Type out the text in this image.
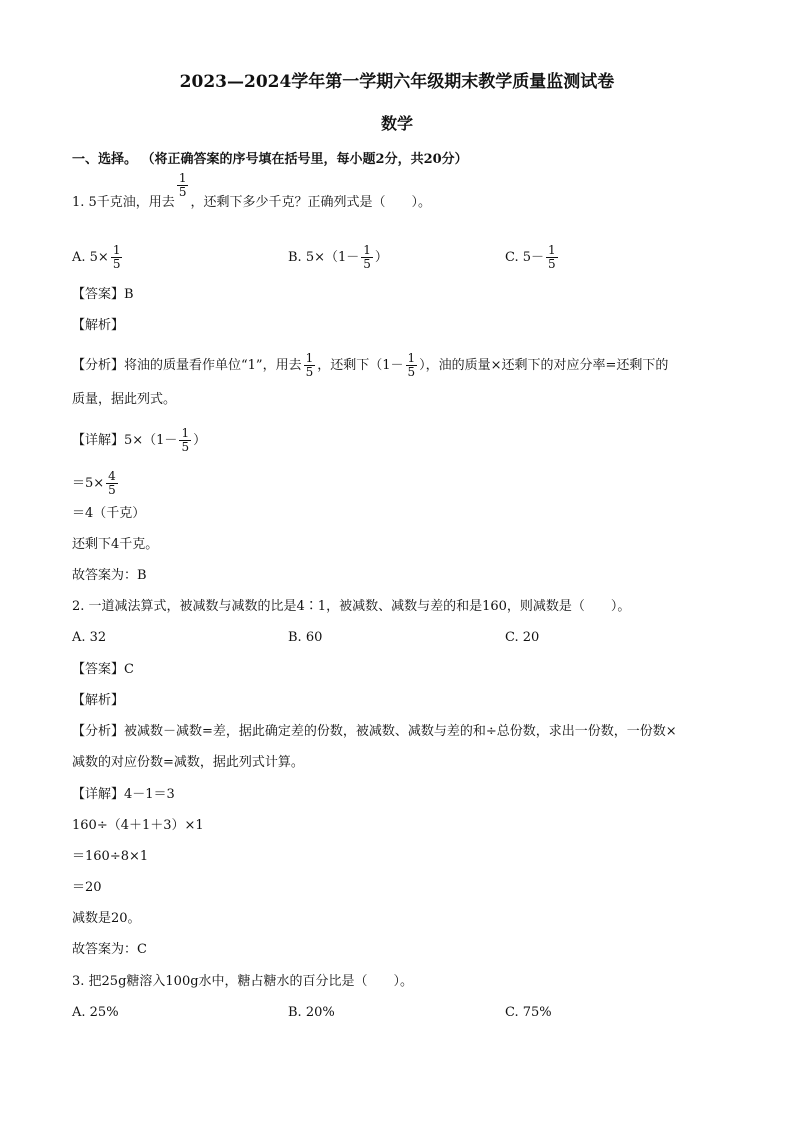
2023—2024学年第一学期六年级期末教学质量监测试卷
数学
一、选择。 （将正确答案的序号填在括号里，每小题2分，共20分）
1. 5千克油，用去
$\frac{1}{5}$
，还剩下多少千克？正确列式是（　　）。
A. $5\times \frac{1}{5}$	B. $5\times(1- \frac{1}{5}$ ）	C. $5- \frac{1}{5}$
【答案】B
【解析】
【分析】将油的质量看作单位“1”，用去 $\frac{1}{5}$ ，还剩下（$1- \frac{1}{5}$ ），油的质量×还剩下的对应分率=还剩下的
质量，据此列式。
【详解】$5\times(1- \frac{1}{5}$ ）
$=5\times \frac{4}{5}$
＝4（千克）
还剩下4千克。
故答案为：B
2. 一道减法算式，被减数与减数的比是4∶1，被减数、减数与差的和是160，则减数是（　　）。
A. 32	B. 60	C. 20
【答案】C
【解析】
【分析】被减数－减数=差，据此确定差的份数，被减数、减数与差的和÷总份数，求出一份数，一份数×
减数的对应份数=减数，据此列式计算。
【详解】4－1＝3
160÷（4＋1＋3）×1
＝160÷8×1
＝20
减数是20。
故答案为：C
3. 把25g糖溶入100g水中，糖占糖水的百分比是（　　）。
A. 25%	B. 20%	C. 75%
